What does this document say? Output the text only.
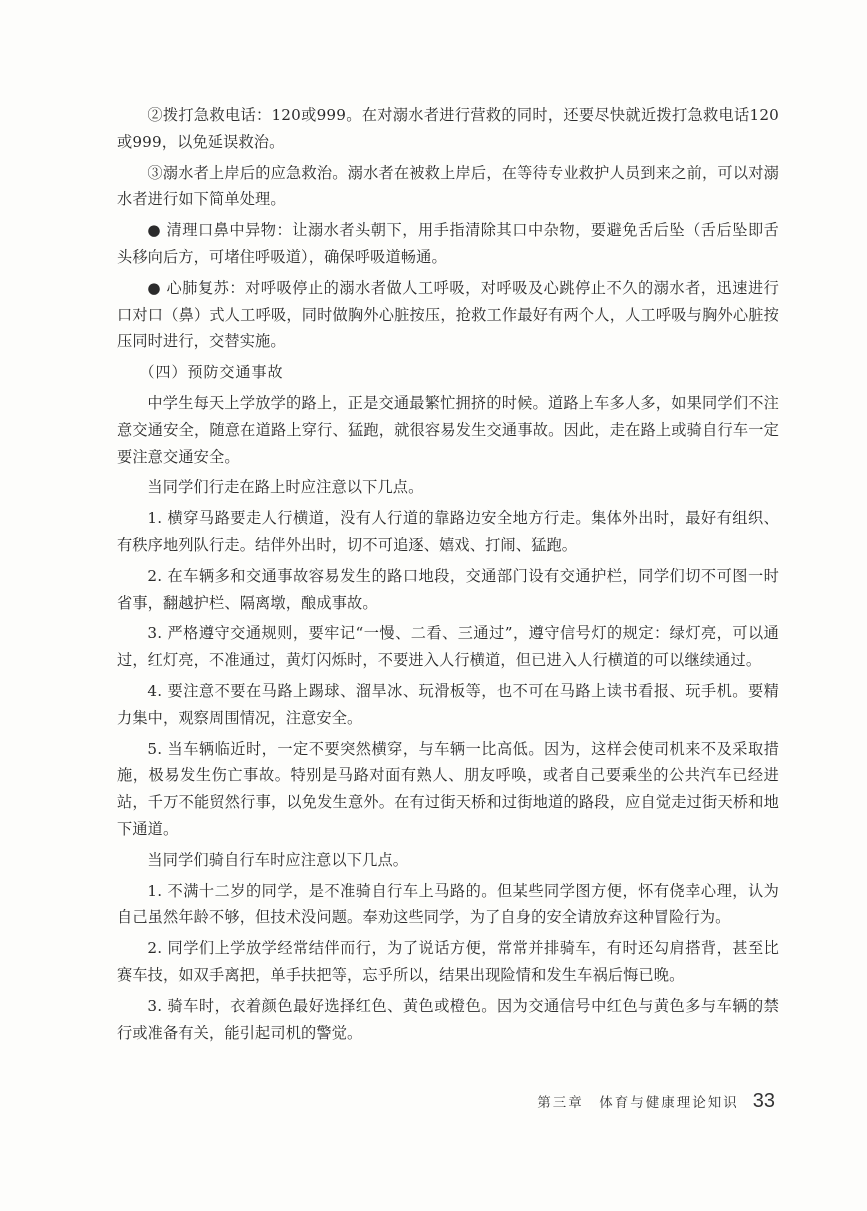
②拨打急救电话：120或999。在对溺水者进行营救的同时，还要尽快就近拨打急救电话120或999，以免延误救治。

③溺水者上岸后的应急救治。溺水者在被救上岸后，在等待专业救护人员到来之前，可以对溺水者进行如下简单处理。

● 清理口鼻中异物：让溺水者头朝下，用手指清除其口中杂物，要避免舌后坠（舌后坠即舌头移向后方，可堵住呼吸道），确保呼吸道畅通。

● 心肺复苏：对呼吸停止的溺水者做人工呼吸，对呼吸及心跳停止不久的溺水者，迅速进行口对口（鼻）式人工呼吸，同时做胸外心脏按压，抢救工作最好有两个人，人工呼吸与胸外心脏按压同时进行，交替实施。

（四）预防交通事故

中学生每天上学放学的路上，正是交通最繁忙拥挤的时候。道路上车多人多，如果同学们不注意交通安全，随意在道路上穿行、猛跑，就很容易发生交通事故。因此，走在路上或骑自行车一定要注意交通安全。

当同学们行走在路上时应注意以下几点。

1. 横穿马路要走人行横道，没有人行道的靠路边安全地方行走。集体外出时，最好有组织、有秩序地列队行走。结伴外出时，切不可追逐、嬉戏、打闹、猛跑。

2. 在车辆多和交通事故容易发生的路口地段，交通部门设有交通护栏，同学们切不可图一时省事，翻越护栏、隔离墩，酿成事故。

3. 严格遵守交通规则，要牢记“一慢、二看、三通过”，遵守信号灯的规定：绿灯亮，可以通过，红灯亮，不准通过，黄灯闪烁时，不要进入人行横道，但已进入人行横道的可以继续通过。

4. 要注意不要在马路上踢球、溜旱冰、玩滑板等，也不可在马路上读书看报、玩手机。要精力集中，观察周围情况，注意安全。

5. 当车辆临近时，一定不要突然横穿，与车辆一比高低。因为，这样会使司机来不及采取措施，极易发生伤亡事故。特别是马路对面有熟人、朋友呼唤，或者自己要乘坐的公共汽车已经进站，千万不能贸然行事，以免发生意外。在有过街天桥和过街地道的路段，应自觉走过街天桥和地下通道。

当同学们骑自行车时应注意以下几点。

1. 不满十二岁的同学，是不准骑自行车上马路的。但某些同学图方便，怀有侥幸心理，认为自己虽然年龄不够，但技术没问题。奉劝这些同学，为了自身的安全请放弃这种冒险行为。

2. 同学们上学放学经常结伴而行，为了说话方便，常常并排骑车，有时还勾肩搭背，甚至比赛车技，如双手离把，单手扶把等，忘乎所以，结果出现险情和发生车祸后悔已晚。

3. 骑车时，衣着颜色最好选择红色、黄色或橙色。因为交通信号中红色与黄色多与车辆的禁行或准备有关，能引起司机的警觉。

第三章　体育与健康理论知识 33
